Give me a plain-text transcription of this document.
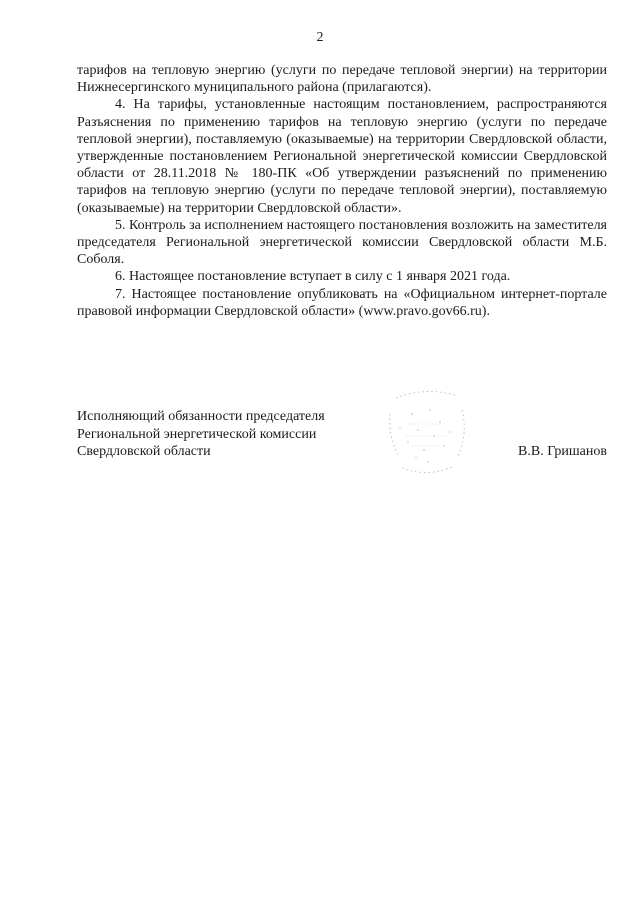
2

тарифов на тепловую энергию (услуги по передаче тепловой энергии) на территории Нижнесергинского муниципального района (прилагаются).

4. На тарифы, установленные настоящим постановлением, распространяются Разъяснения по применению тарифов на тепловую энергию (услуги по передаче тепловой энергии), поставляемую (оказываемые) на территории Свердловской области, утвержденные постановлением Региональной энергетической комиссии Свердловской области от 28.11.2018 № 180-ПК «Об утверждении разъяснений по применению тарифов на тепловую энергию (услуги по передаче тепловой энергии), поставляемую (оказываемые) на территории Свердловской области».

5. Контроль за исполнением настоящего постановления возложить на заместителя председателя Региональной энергетической комиссии Свердловской области М.Б. Соболя.

6. Настоящее постановление вступает в силу с 1 января 2021 года.

7. Настоящее постановление опубликовать на «Официальном интернет-портале правовой информации Свердловской области» (www.pravo.gov66.ru).

Исполняющий обязанности председателя
Региональной энергетической комиссии
Свердловской области	В.В. Гришанов
